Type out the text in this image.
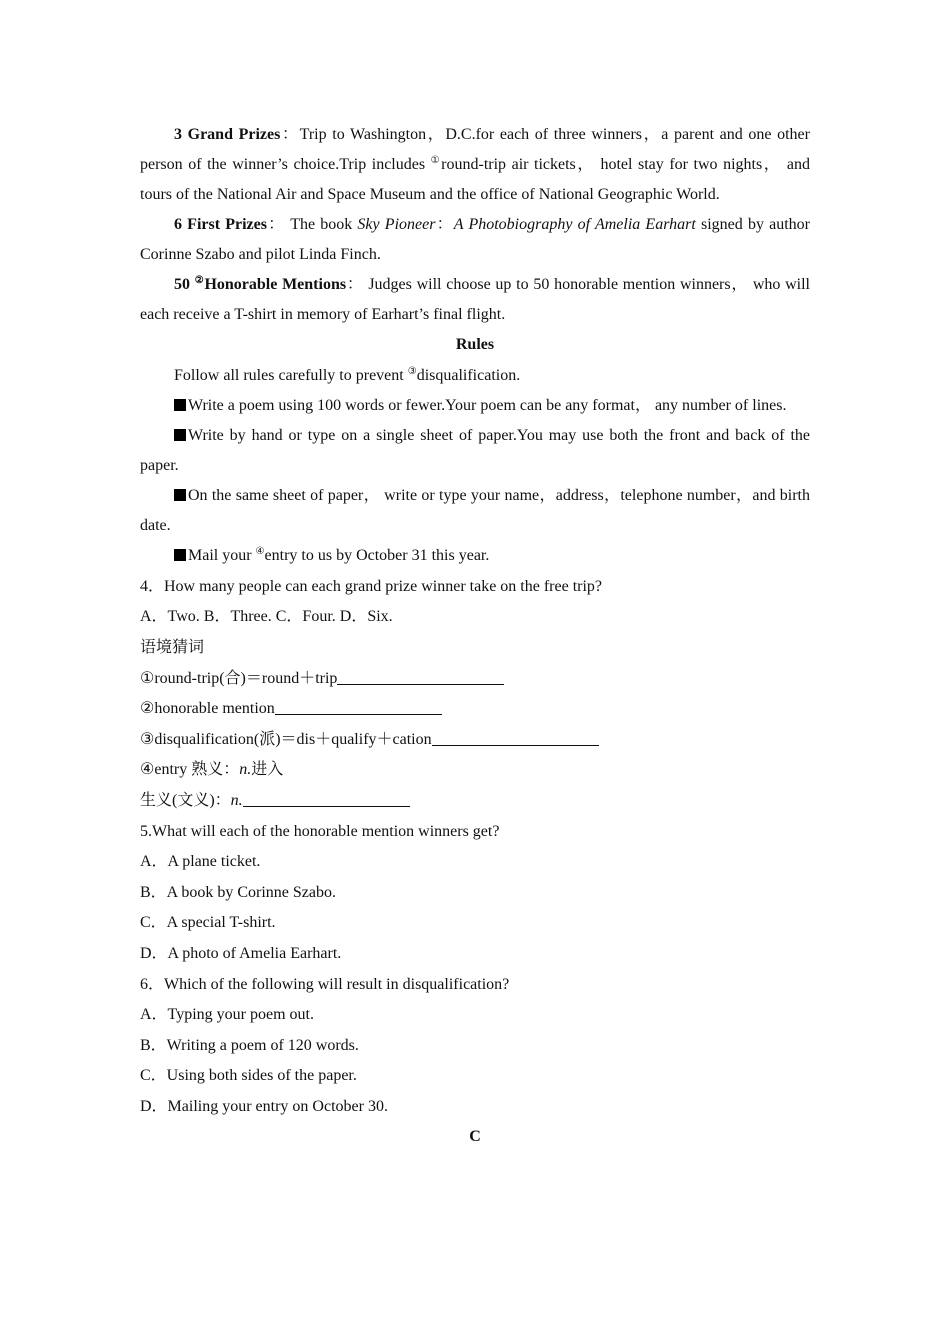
3 Grand Prizes：Trip to Washington，D.C.for each of three winners，a parent and one other person of the winner’s choice.Trip includes ①round-trip air tickets， hotel stay for two nights， and tours of the National Air and Space Museum and the office of National Geographic World.

6 First Prizes： The book Sky Pioneer：A Photobiography of Amelia Earhart signed by author Corinne Szabo and pilot Linda Finch.

50 ②Honorable Mentions： Judges will choose up to 50 honorable mention winners， who will each receive a T-shirt in memory of Earhart’s final flight.

Rules

Follow all rules carefully to prevent ③disqualification.

Write a poem using 100 words or fewer.Your poem can be any format， any number of lines.

Write by hand or type on a single sheet of paper.You may use both the front and back of the paper.

On the same sheet of paper， write or type your name，address，telephone number，and birth date.

Mail your ④entry to us by October 31 this year.

4．How many people can each grand prize winner take on the free trip?

A．Two. B．Three. C．Four. D．Six.

语境猜词

①round-trip(合)＝round＋trip

②honorable mention

③disqualification(派)＝dis＋qualify＋cation

④entry 熟义：n.进入

生义(文义)：n.

5.What will each of the honorable mention winners get?

A．A plane ticket.

B．A book by Corinne Szabo.

C．A special T-shirt.

D．A photo of Amelia Earhart.

6．Which of the following will result in disqualification?

A．Typing your poem out.

B．Writing a poem of 120 words.

C．Using both sides of the paper.

D．Mailing your entry on October 30.

C
